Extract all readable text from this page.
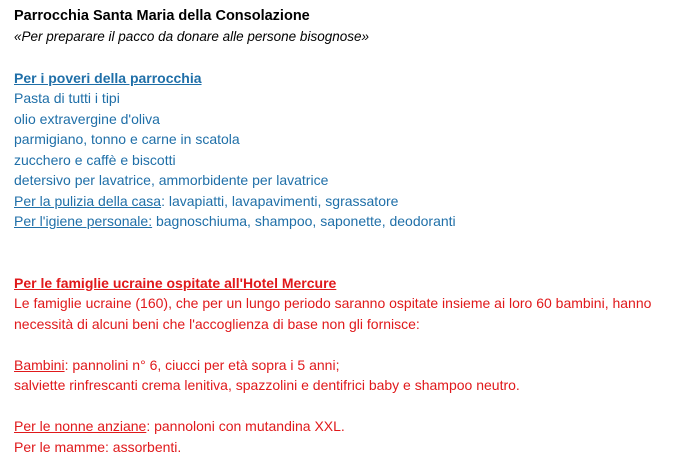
Parrocchia Santa Maria della Consolazione
«Per preparare il pacco da donare alle persone bisognose»
Per i poveri della parrocchia
Pasta di tutti i tipi
olio extravergine d'oliva
parmigiano, tonno e carne in scatola
zucchero e caffè e biscotti
detersivo per lavatrice, ammorbidente per lavatrice
Per la pulizia della casa: lavapiatti, lavapavimenti, sgrassatore
Per l'igiene personale: bagnoschiuma, shampoo, saponette, deodoranti
Per le famiglie ucraine ospitate all'Hotel Mercure
Le famiglie ucraine (160), che per un lungo periodo saranno ospitate insieme ai loro 60 bambini, hanno
necessità di alcuni beni che l'accoglienza di base non gli fornisce:
Bambini: pannolini n° 6, ciucci per età sopra i 5 anni;
salviette rinfrescanti crema lenitiva, spazzolini e dentifrici baby e shampoo neutro.
Per le nonne anziane: pannoloni con mutandina XXL.
Per le mamme: assorbenti.
